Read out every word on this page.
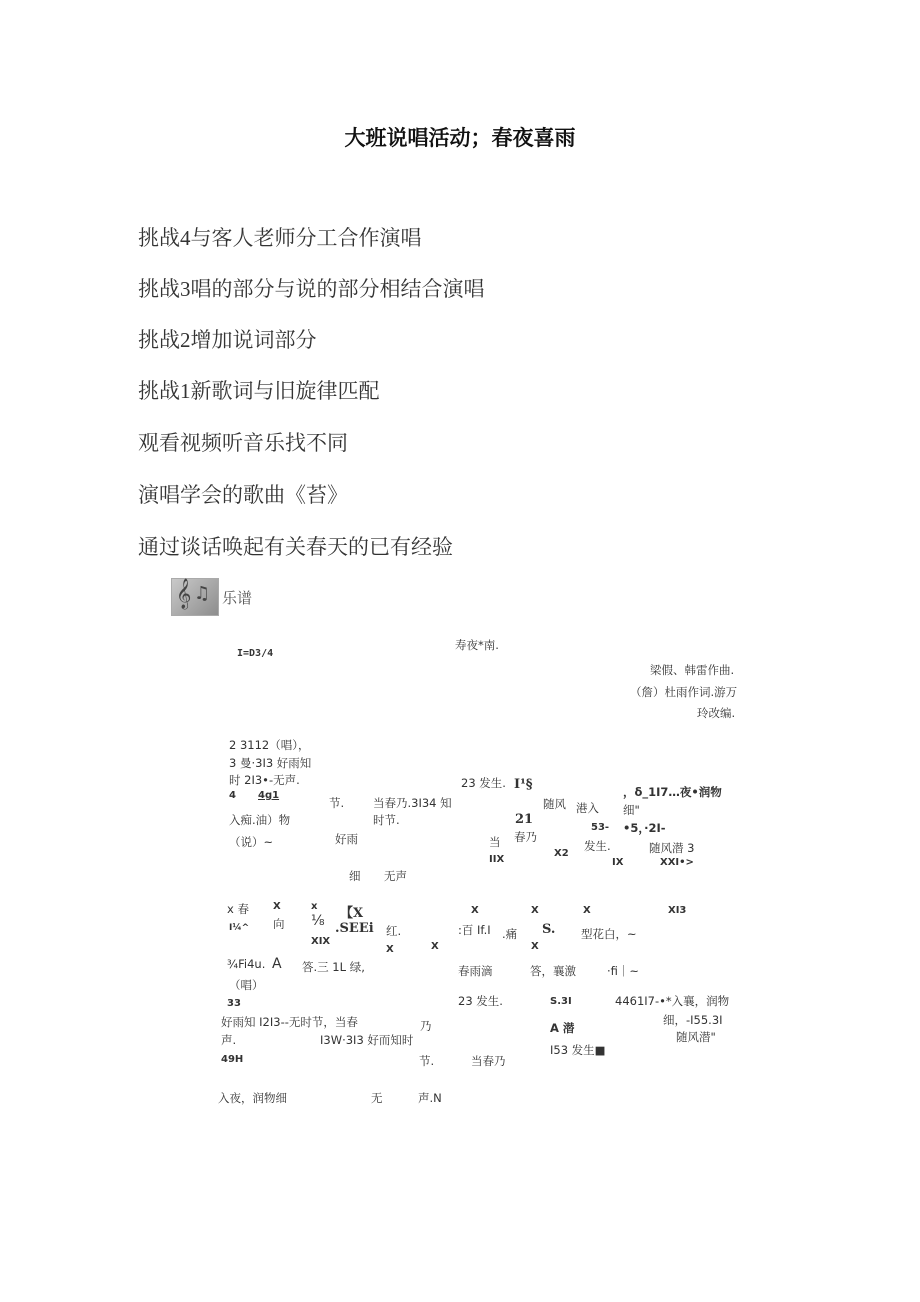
大班说唱活动；春夜喜雨
挑战4与客人老师分工合作演唱
挑战3唱的部分与说的部分相结合演唱
挑战2增加说词部分
挑战1新歌词与旧旋律匹配
观看视频听音乐找不同
演唱学会的歌曲《苔》
通过谈话唤起有关春天的已有经验
𝄞 ♫ 乐谱
I=D3/4
寿夜*南.
梁假、韩雷作曲.
（詹）杜雨作词.游万
玲改编.
2 3112（唱），
3 曼·3I3 好雨知
时 2I3•-无声.
4 4g1
节.	当春乃.3I34 知
时节.
入痴.油）物
（说）~	好雨
23 发生. I¹§
21
春乃
当
IIX
随风 港入
53-
发生.
X2
IX
，δ_1I7…夜•润物
细"
•5，·2I-
随风潜 3
XXI•>
细 无声
x 春
I¼^
X
向
x
⅛
XIX
【X
.SEEi 红.
X	X
X
:百 If.I
X
.痛 S.
X
X
型花白，~
XI3
¾Fi4u. A 答.三 1L 绿,
（唱）
春雨滴	答，襄激	·fi｜~
33	23 发生.	S.3I
A 潜
4461I7-•*入襄，润物
细，-I55.3I
随风潜"
好雨知 I2I3--无时节，当春
声.	I3W·3I3 好而知时
乃
I53 发生■
49H	节.	当春乃
入夜，润物细	无	声.N
